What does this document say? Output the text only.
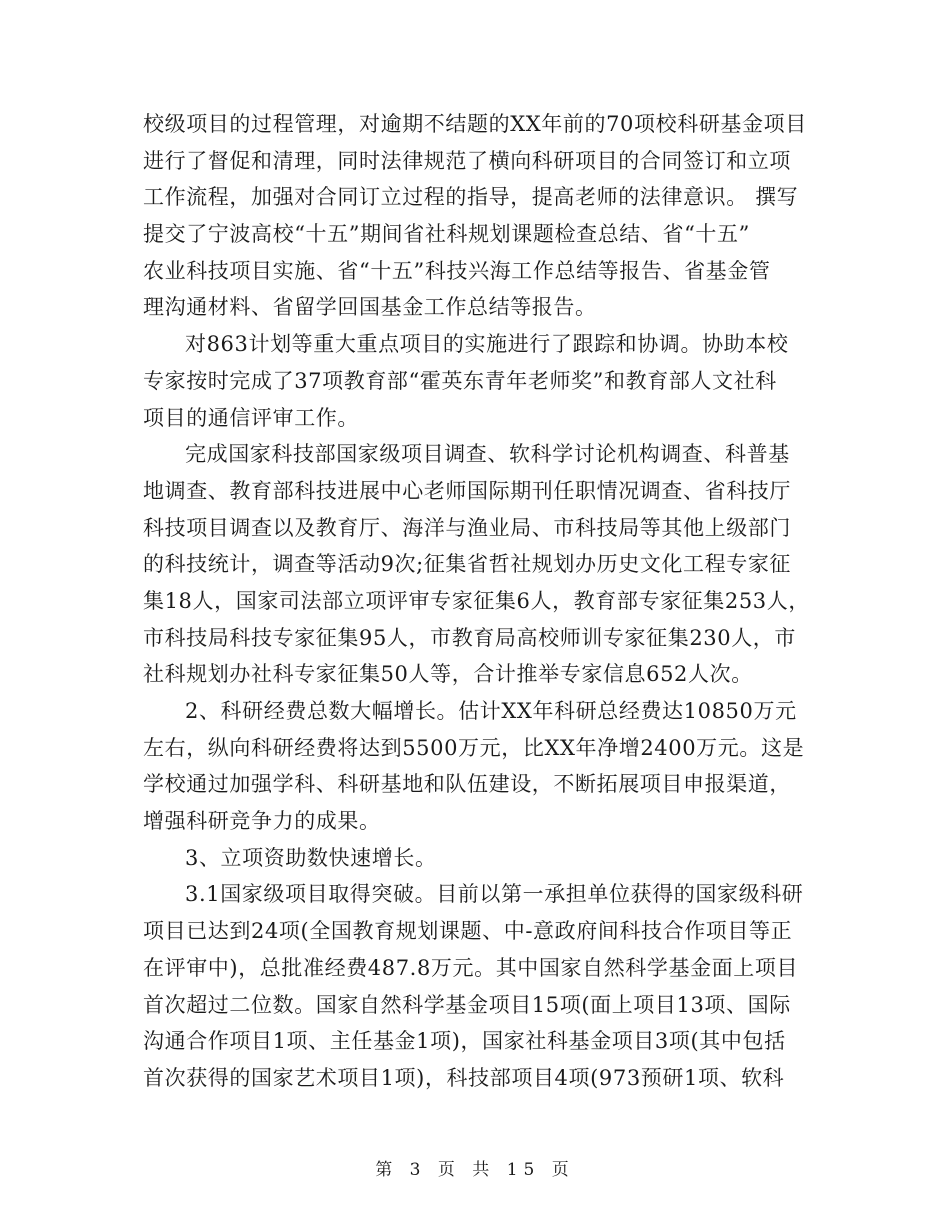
校级项目的过程管理，对逾期不结题的XX年前的70项校科研基金项目
进行了督促和清理，同时法律规范了横向科研项目的合同签订和立项
工作流程，加强对合同订立过程的指导，提高老师的法律意识。 撰写
提交了宁波高校“十五”期间省社科规划课题检查总结、省“十五”
农业科技项目实施、省“十五”科技兴海工作总结等报告、省基金管
理沟通材料、省留学回国基金工作总结等报告。
对863计划等重大重点项目的实施进行了跟踪和协调。协助本校
专家按时完成了37项教育部“霍英东青年老师奖”和教育部人文社科
项目的通信评审工作。
完成国家科技部国家级项目调查、软科学讨论机构调查、科普基
地调查、教育部科技进展中心老师国际期刊任职情况调查、省科技厅
科技项目调查以及教育厅、海洋与渔业局、市科技局等其他上级部门
的科技统计，调查等活动9次;征集省哲社规划办历史文化工程专家征
集18人，国家司法部立项评审专家征集6人，教育部专家征集253人，
市科技局科技专家征集95人，市教育局高校师训专家征集230人，市
社科规划办社科专家征集50人等，合计推举专家信息652人次。
2、科研经费总数大幅增长。估计XX年科研总经费达10850万元
左右，纵向科研经费将达到5500万元，比XX年净增2400万元。这是
学校通过加强学科、科研基地和队伍建设，不断拓展项目申报渠道，
增强科研竞争力的成果。
3、立项资助数快速增长。
3.1国家级项目取得突破。目前以第一承担单位获得的国家级科研
项目已达到24项(全国教育规划课题、中-意政府间科技合作项目等正
在评审中)，总批准经费487.8万元。其中国家自然科学基金面上项目
首次超过二位数。国家自然科学基金项目15项(面上项目13项、国际
沟通合作项目1项、主任基金1项)，国家社科基金项目3项(其中包括
首次获得的国家艺术项目1项)，科技部项目4项(973预研1项、软科
第 3 页 共 15 页
